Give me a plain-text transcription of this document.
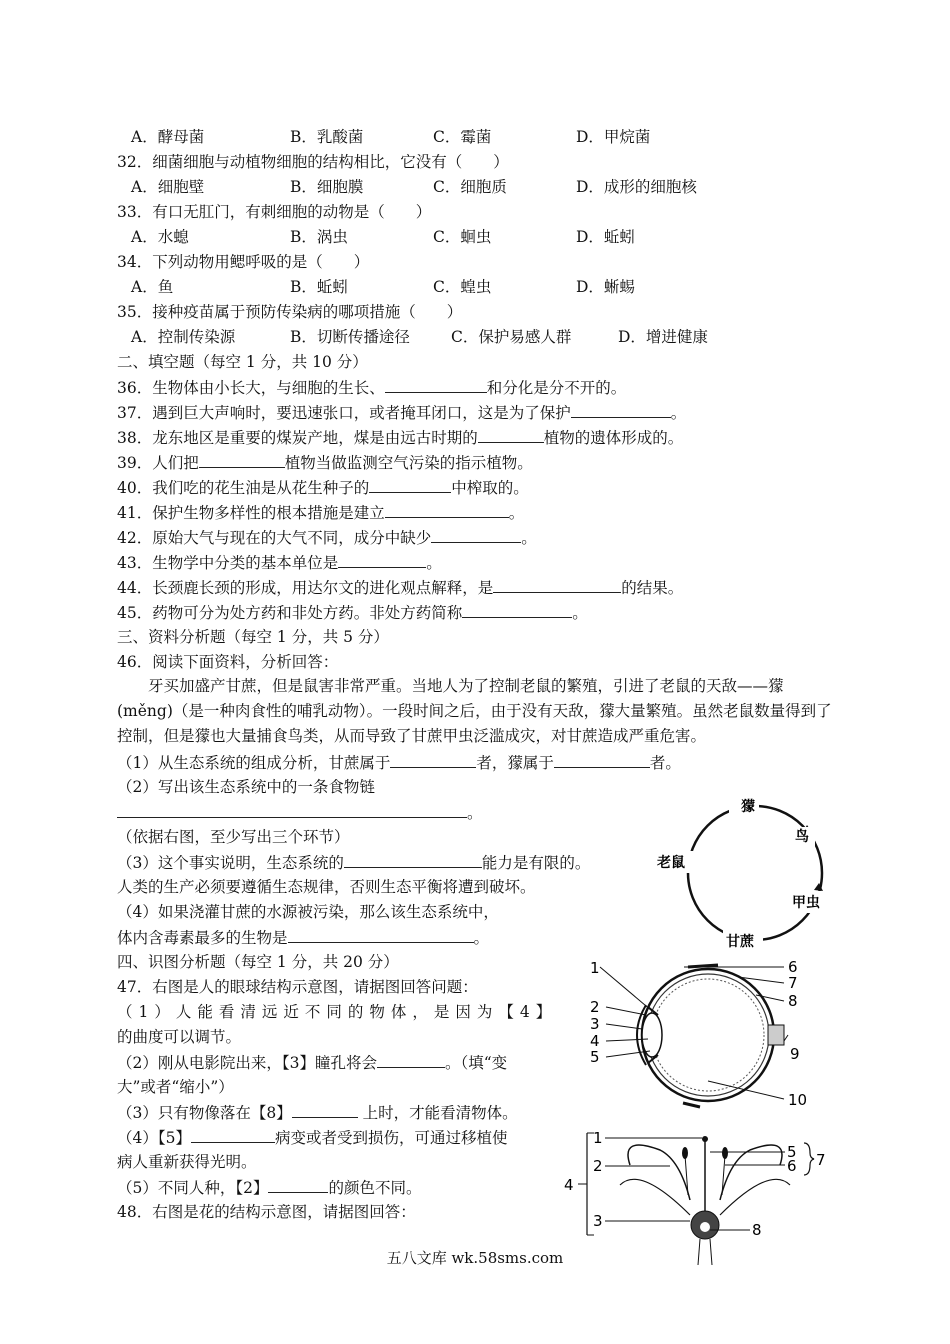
A．酵母菌	B．乳酸菌	C．霉菌	D．甲烷菌
32．细菌细胞与动植物细胞的结构相比，它没有（　　）
A．细胞壁	B．细胞膜	C．细胞质	D．成形的细胞核
33．有口无肛门，有刺细胞的动物是（　　）
A．水螅	B．涡虫	C．蛔虫	D．蚯蚓
34．下列动物用鳃呼吸的是（　　）
A．鱼	B．蚯蚓	C．蝗虫	D．蜥蜴
35．接种疫苗属于预防传染病的哪项措施（　　）
A．控制传染源	B．切断传播途径	C．保护易感人群	D．增进健康
二、填空题（每空 1 分，共 10 分）
36．生物体由小长大，与细胞的生长、	和分化是分不开的。
37．遇到巨大声响时，要迅速张口，或者掩耳闭口，这是为了保护	。
38．龙东地区是重要的煤炭产地，煤是由远古时期的	植物的遗体形成的。
39．人们把	植物当做监测空气污染的指示植物。
40．我们吃的花生油是从花生种子的	中榨取的。
41．保护生物多样性的根本措施是建立	。
42．原始大气与现在的大气不同，成分中缺少	。
43．生物学中分类的基本单位是	。
44．长颈鹿长颈的形成，用达尔文的进化观点解释，是	的结果。
45．药物可分为处方药和非处方药。非处方药简称	。
三、资料分析题（每空 1 分，共 5 分）
46．阅读下面资料，分析回答：
牙买加盛产甘蔗，但是鼠害非常严重。当地人为了控制老鼠的繁殖，引进了老鼠的天敌——獴(měng)（是一种肉食性的哺乳动物）。一段时间之后，由于没有天敌，獴大量繁殖。虽然老鼠数量得到了控制，但是獴也大量捕食鸟类，从而导致了甘蔗甲虫泛滥成灾，对甘蔗造成严重危害。
（1）从生态系统的组成分析，甘蔗属于	者，獴属于	者。
（2）写出该生态系统中的一条食物链
。
（依据右图，至少写出三个环节）
（3）这个事实说明，生态系统的	能力是有限的。
人类的生产必须要遵循生态规律，否则生态平衡将遭到破坏。
（4）如果浇灌甘蔗的水源被污染，那么该生态系统中，
体内含毒素最多的生物是	。
獴
鸟
甲虫
甘蔗
老鼠
四、识图分析题（每空 1 分，共 20 分）
47．右图是人的眼球结构示意图，请据图回答问题：
（1）人能看清远近不同的物体，是因为【4】
的曲度可以调节。
（2）刚从电影院出来，【3】瞳孔将会	。（填“变
大”或者“缩小”）
（3）只有物像落在【8】	上时，才能看清物体。
（4）【5】	病变或者受到损伤，可通过移植使
病人重新获得光明。
（5）不同人种，【2】	的颜色不同。
48．右图是花的结构示意图，请据图回答：
1
2
3
4
5
6
7
8
9
10
1
2
3
4
5
6 7
8
五八文库 wk.58sms.com
